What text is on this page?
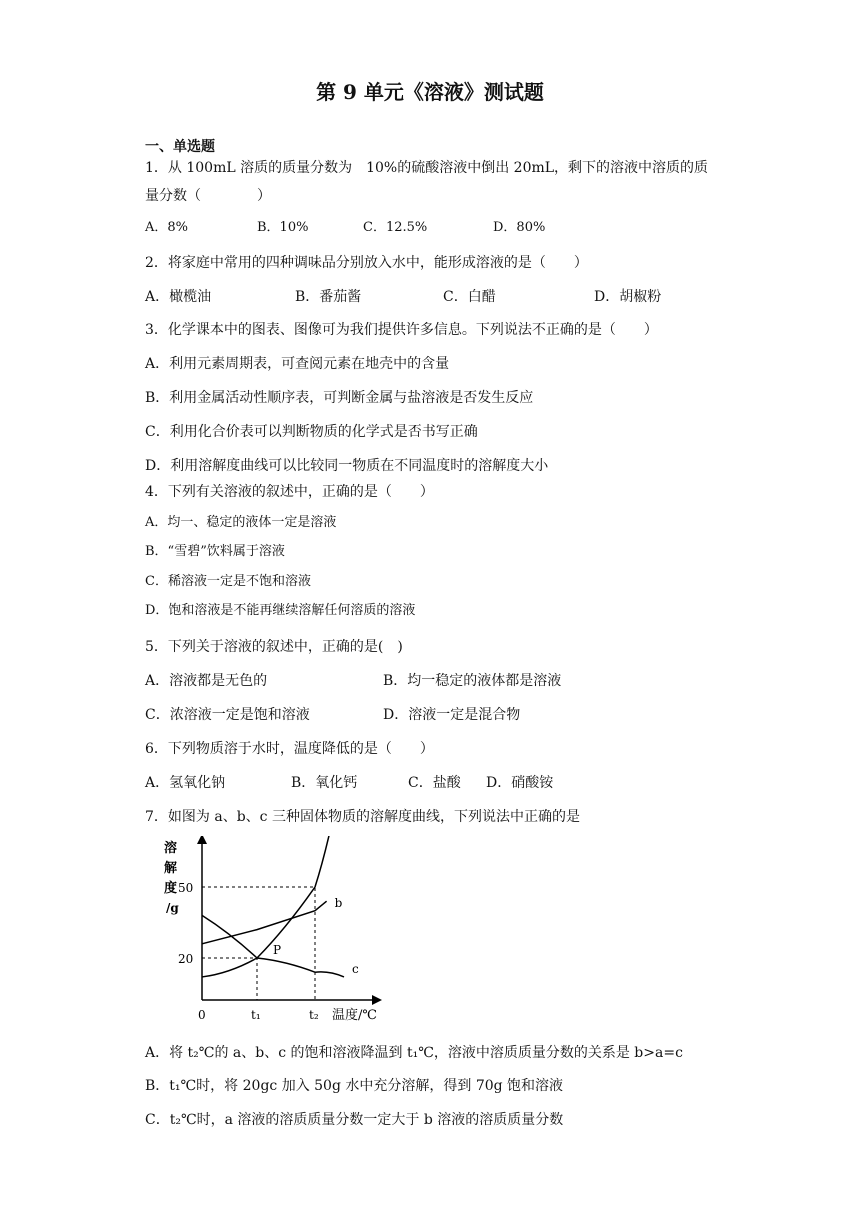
第 9 单元《溶液》测试题
一、单选题
1．从 100mL 溶质的质量分数为　10%的硫酸溶液中倒出 20mL，剩下的溶液中溶质的质
量分数（　　　　）
A．8%	B．10%	C．12.5%	D．80%
2．将家庭中常用的四种调味品分别放入水中，能形成溶液的是（　　）
A．橄榄油	B．番茄酱	C．白醋	D．胡椒粉
3．化学课本中的图表、图像可为我们提供许多信息。下列说法不正确的是（　　）
A．利用元素周期表，可查阅元素在地壳中的含量
B．利用金属活动性顺序表，可判断金属与盐溶液是否发生反应
C．利用化合价表可以判断物质的化学式是否书写正确
D．利用溶解度曲线可以比较同一物质在不同温度时的溶解度大小
4．下列有关溶液的叙述中，正确的是（　　）
A．均一、稳定的液体一定是溶液
B．“雪碧”饮料属于溶液
C．稀溶液一定是不饱和溶液
D．饱和溶液是不能再继续溶解任何溶质的溶液
5．下列关于溶液的叙述中，正确的是(　)
A．溶液都是无色的	B．均一稳定的液体都是溶液
C．浓溶液一定是饱和溶液	D．溶液一定是混合物
6．下列物质溶于水时，温度降低的是（　　）
A．氢氧化钠	B．氧化钙	C．盐酸 D．硝酸铵
7．如图为 a、b、c 三种固体物质的溶解度曲线，下列说法中正确的是
b
c
50
20
0	t₁	t₂ 温度/℃
P
溶
解
度
/g
A．将 t₂℃的 a、b、c 的饱和溶液降温到 t₁℃，溶液中溶质质量分数的关系是 b>a=c
B．t₁℃时，将 20gc 加入 50g 水中充分溶解，得到 70g 饱和溶液
C．t₂℃时，a 溶液的溶质质量分数一定大于 b 溶液的溶质质量分数
